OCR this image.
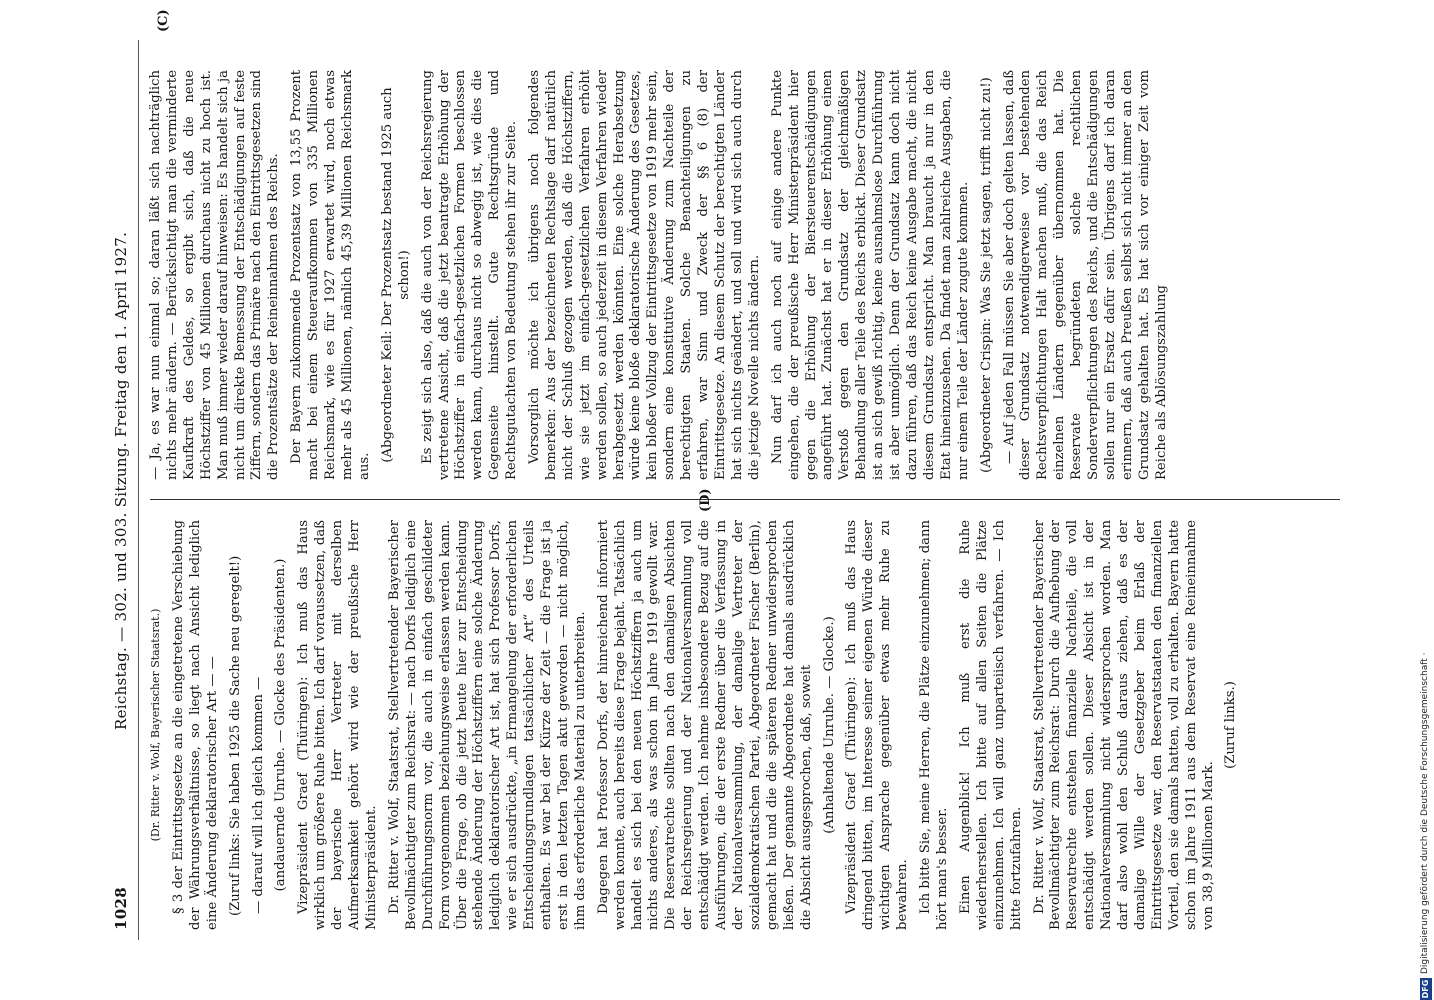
1028
Reichstag. — 302. und 303. Sitzung. Freitag den 1. April 1927.
(C)
(D)

(Dr. Ritter v. Wolf, Bayerischer Staatsrat.) § 3 der Eintrittsgesetze an die eingetretene Verschiebung der Währungsverhältnisse, so liegt nach Ansicht lediglich eine Änderung deklaratorischer Art — — (Zuruf links: Sie haben 1925 die Sache neu geregelt!) — darauf will ich gleich kommen — (andauernde Unruhe. — Glocke des Präsidenten.) Vizepräsident Graef (Thüringen): Ich muß das Haus wirklich um größere Ruhe bitten. Ich darf voraussetzen, daß der bayerische Herr Vertreter mit derselben Aufmerksamkeit gehört wird wie der preußische Herr Ministerpräsident. Dr. Ritter v. Wolf, Staatsrat, Stellvertretender Bayerischer Bevollmächtigter zum Reichsrat: — nach Dorfs lediglich eine Durchführungsnorm vor, die auch in einfach geschildeter Form vorgenommen beziehungsweise erlassen werden kann. Über die Frage, ob die jetzt heute hier zur Entscheidung stehende Änderung der Höchstziffern eine solche Änderung lediglich deklaratorischer Art ist, hat sich Professor Dorfs, wie er sich ausdrückte, „in Ermangelung der erforderlichen Entscheidungsgrundlagen tatsächlicher Art“ des Urteils enthalten. Es war bei der Kürze der Zeit — die Frage ist ja erst in den letzten Tagen akut geworden — nicht möglich, ihm das erforderliche Material zu unterbreiten. Dagegen hat Professor Dorfs, der hinreichend informiert werden konnte, auch bereits diese Frage bejaht. Tatsächlich handelt es sich bei den neuen Höchstziffern ja auch um nichts anderes, als was schon im Jahre 1919 gewollt war. Die Reservatrechte sollten nach den damaligen Absichten der Reichsregierung und der Nationalversammlung voll entschädigt werden. Ich nehme insbesondere Bezug auf die Ausführungen, die der erste Redner über die Verfassung in der Nationalversammlung, der damalige Vertreter der sozialdemokratischen Partei, Abgeordneter Fischer (Berlin), gemacht hat und die die späteren Redner unwidersprochen ließen. Der genannte Abgeordnete hat damals ausdrücklich die Absicht ausgesprochen, daß, soweit (Anhaltende Unruhe. — Glocke.) Vizepräsident Graef (Thüringen): Ich muß das Haus dringend bitten, im Interesse seiner eigenen Würde dieser wichtigen Ansprache gegenüber etwas mehr Ruhe zu bewahren. Ich bitte Sie, meine Herren, die Plätze einzunehmen; dann hört man's besser. Einen Augenblick! Ich muß erst die Ruhe wiederherstellen. Ich bitte auf allen Seiten die Plätze einzunehmen. Ich will ganz unparteiisch verfahren. — Ich bitte fortzufahren. Dr. Ritter v. Wolf, Staatsrat, Stellvertretender Bayerischer Bevollmächtigter zum Reichsrat: Durch die Aufhebung der Reservatrechte entstehen finanzielle Nachteile, die voll entschädigt werden sollen. Dieser Absicht ist in der Nationalversammlung nicht widersprochen worden. Man darf also wohl den Schluß daraus ziehen, daß es der damalige Wille der Gesetzgeber beim Erlaß der Eintrittsgesetze war, den Reservatstaaten den finanziellen Vorteil, den sie damals hatten, voll zu erhalten. Bayern hatte schon im Jahre 1911 aus dem Reservat eine Reineinnahme von 38,9 Millionen Mark.

(Zuruf links.)

— Ja, es war nun einmal so; daran läßt sich nachträglich nichts mehr ändern. — Berücksichtigt man die verminderte Kaufkraft des Geldes, so ergibt sich, daß die neue Höchstziffer von 45 Millionen durchaus nicht zu hoch ist. Man muß immer wieder darauf hinweisen: Es handelt sich ja nicht um direkte Bemessung der Entschädigungen auf feste Ziffern, sondern das Primäre nach den Eintrittsgesetzen sind die Prozentsätze der Reineinnahmen des Reichs. Der Bayern zukommende Prozentsatz von 13,55 Prozent macht bei einem Steueraufkommen von 335 Millionen Reichsmark, wie es für 1927 erwartet wird, noch etwas mehr als 45 Millionen, nämlich 45,39 Millionen Reichsmark aus.

(Abgeordneter Keil: Der Prozentsatz bestand 1925 auch schon!) Es zeigt sich also, daß die auch von der Reichsregierung vertretene Ansicht, daß die jetzt beantragte Erhöhung der Höchstziffer in einfach-gesetzlichen Formen beschlossen werden kann, durchaus nicht so abwegig ist, wie dies die Gegenseite hinstellt. Gute Rechtsgründe und Rechtsgutachten von Bedeutung stehen ihr zur Seite. Vorsorglich möchte ich übrigens noch folgendes bemerken: Aus der bezeichneten Rechtslage darf natürlich nicht der Schluß gezogen werden, daß die Höchstziffern, wie sie jetzt im einfach-gesetzlichen Verfahren erhöht werden sollen, so auch jederzeit in diesem Verfahren wieder herabgesetzt werden könnten. Eine solche Herabsetzung würde keine bloße deklaratorische Änderung des Gesetzes, kein bloßer Vollzug der Eintrittsgesetze von 1919 mehr sein, sondern eine konstitutive Änderung zum Nachteile der berechtigten Staaten. Solche Benachteiligungen zu erfahren, war Sinn und Zweck der §§ 6 (8) der Eintrittsgesetze. An diesem Schutz der berechtigten Länder hat sich nichts geändert, und soll und wird sich auch durch die jetzige Novelle nichts ändern. Nun darf ich auch noch auf einige andere Punkte eingehen, die der preußische Herr Ministerpräsident hier gegen die Erhöhung der Biersteuerentschädigungen angeführt hat. Zunächst hat er in dieser Erhöhung einen Verstoß gegen den Grundsatz der gleichmäßigen Behandlung aller Teile des Reichs erblickt. Dieser Grundsatz ist an sich gewiß richtig, keine ausnahmslose Durchführung ist aber unmöglich. Denn der Grundsatz kann doch nicht dazu führen, daß das Reich keine Ausgabe macht, die nicht diesem Grundsatz entspricht. Man braucht ja nur in den Etat hineinzusehen. Da findet man zahlreiche Ausgaben, die nur einem Teile der Länder zugute kommen. (Abgeordneter Crispin: Was Sie jetzt sagen, trifft nicht zu!) — Auf jeden Fall müssen Sie aber doch gelten lassen, daß dieser Grundsatz notwendigerweise vor bestehenden Rechtsverpflichtungen Halt machen muß, die das Reich einzelnen Ländern gegenüber übernommen hat. Die Reservate begründeten solche rechtlichen Sonderverpflichtungen des Reichs, und die Entschädigungen sollen nur ein Ersatz dafür sein. Übrigens darf ich daran erinnern, daß auch Preußen selbst sich nicht immer an den Grundsatz gehalten hat. Es hat sich vor einiger Zeit vom Reiche als Ablösungszahlung

DFG
Digitalisierung gefördert durch die Deutsche Forschungsgemeinschaft ·
